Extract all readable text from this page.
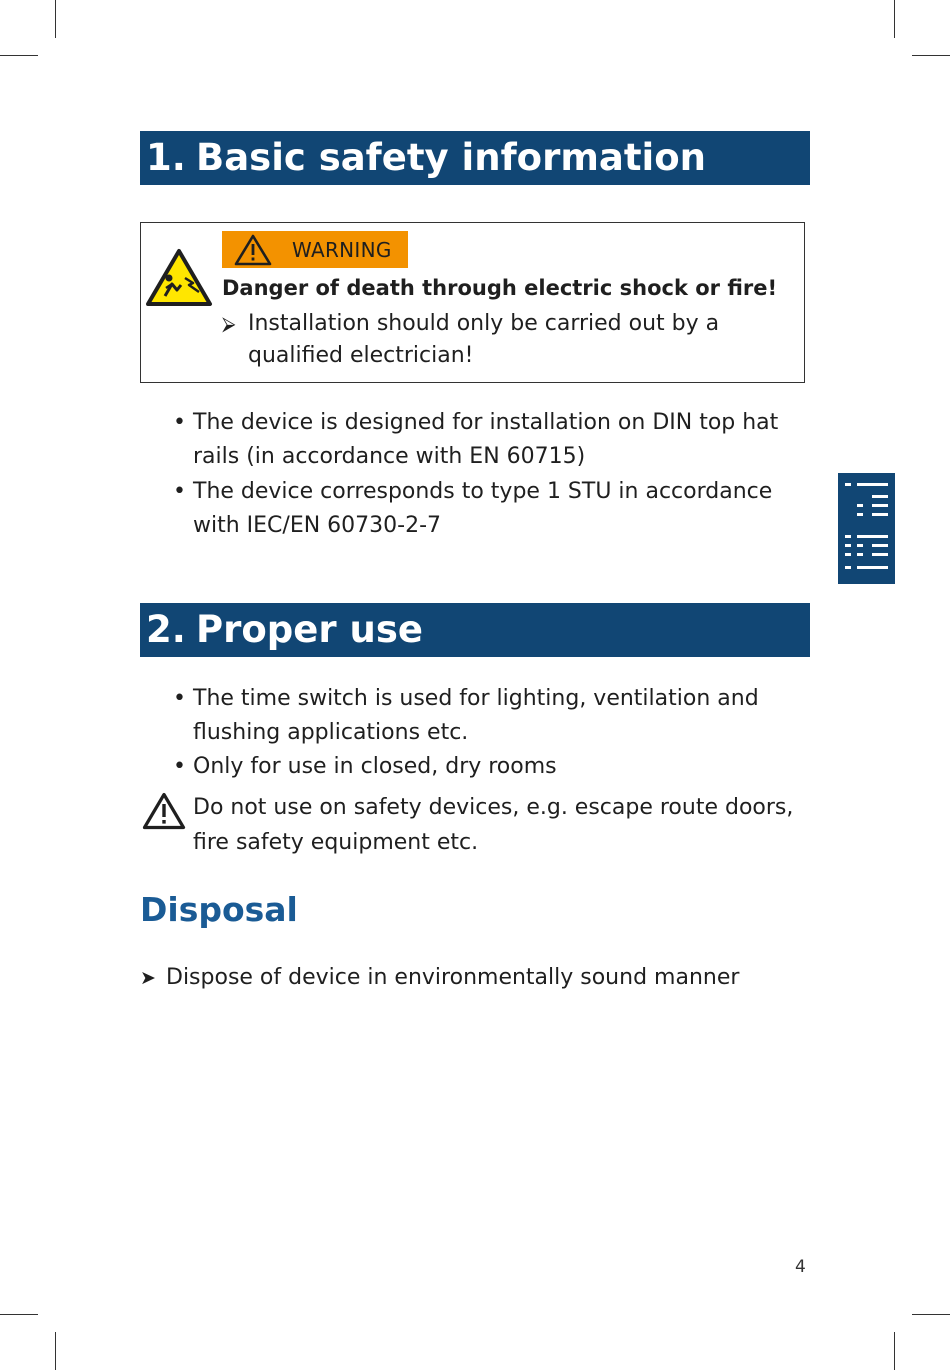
1. Basic safety information
WARNING
Danger of death through electric shock or fire!
⮚ Installation should only be carried out by a qualified electrician!
• The device is designed for installation on DIN top hat rails (in accordance with EN 60715)
• The device corresponds to type 1 STU in accordance with IEC/EN 60730-2-7
2. Proper use
• The time switch is used for lighting, ventilation and flushing applications etc.
• Only for use in closed, dry rooms
Do not use on safety devices, e.g. escape route doors, fire safety equipment etc.
Disposal
➤ Dispose of device in environmentally sound manner
4
